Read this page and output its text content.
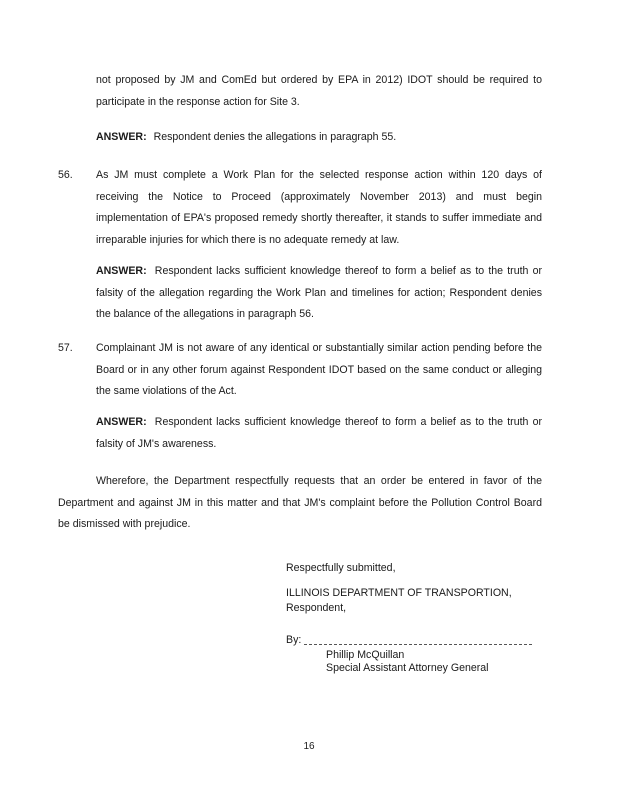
not proposed by JM and ComEd but ordered by EPA in 2012) IDOT should be required to participate in the response action for Site 3.
ANSWER: Respondent denies the allegations in paragraph 55.
56.	As JM must complete a Work Plan for the selected response action within 120 days of receiving the Notice to Proceed (approximately November 2013) and must begin implementation of EPA's proposed remedy shortly thereafter, it stands to suffer immediate and irreparable injuries for which there is no adequate remedy at law.
ANSWER: Respondent lacks sufficient knowledge thereof to form a belief as to the truth or falsity of the allegation regarding the Work Plan and timelines for action; Respondent denies the balance of the allegations in paragraph 56.
57.	Complainant JM is not aware of any identical or substantially similar action pending before the Board or in any other forum against Respondent IDOT based on the same conduct or alleging the same violations of the Act.
ANSWER: Respondent lacks sufficient knowledge thereof to form a belief as to the truth or falsity of JM's awareness.
Wherefore, the Department respectfully requests that an order be entered in favor of the Department and against JM in this matter and that JM's complaint before the Pollution Control Board be dismissed with prejudice.
Respectfully submitted,
ILLINOIS DEPARTMENT OF TRANSPORTION,
Respondent,
By:
Phillip McQuillan
Special Assistant Attorney General
16
